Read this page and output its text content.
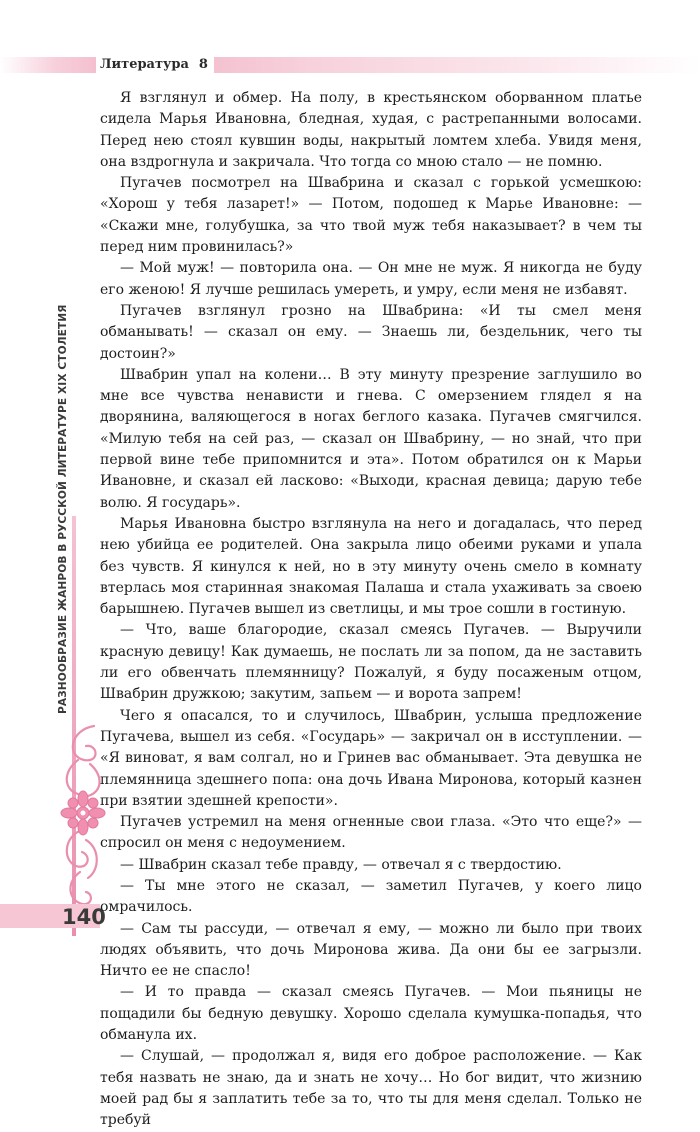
Литература 8
РАЗНООБРАЗИЕ ЖАНРОВ В РУССКОЙ ЛИТЕРАТУРЕ XIX СТОЛЕТИЯ
140

Я взглянул и обмер. На полу, в крестьянском оборванном платье сидела Марья Ивановна, бледная, худая, с растрепанными волосами. Перед нею стоял кувшин воды, накрытый ломтем хлеба. Увидя меня, она вздрогнула и закричала. Что тогда со мною стало — не помню.

Пугачев посмотрел на Швабрина и сказал с горькой усмешкою: «Хорош у тебя лазарет!» — Потом, подошед к Марье Ивановне: — «Скажи мне, голубушка, за что твой муж тебя наказывает? в чем ты перед ним провинилась?»

— Мой муж! — повторила она. — Он мне не муж. Я никогда не буду его женою! Я лучше решилась умереть, и умру, если меня не избавят.

Пугачев взглянул грозно на Швабрина: «И ты смел меня обманывать! — сказал он ему. — Знаешь ли, бездельник, чего ты достоин?»

Швабрин упал на колени… В эту минуту презрение заглушило во мне все чувства ненависти и гнева. С омерзением глядел я на дворянина, валяющегося в ногах беглого казака. Пугачев смягчился. «Милую тебя на сей раз, — сказал он Швабрину, — но знай, что при первой вине тебе припомнится и эта». Потом обратился он к Марьи Ивановне, и сказал ей ласково: «Выходи, красная девица; дарую тебе волю. Я государь».

Марья Ивановна быстро взглянула на него и догадалась, что перед нею убийца ее родителей. Она закрыла лицо обеими руками и упала без чувств. Я кинулся к ней, но в эту минуту очень смело в комнату втерлась моя старинная знакомая Палаша и стала ухаживать за своею барышнею. Пугачев вышел из светлицы, и мы трое сошли в гостиную.

— Что, ваше благородие, сказал смеясь Пугачев. — Выручили красную девицу! Как думаешь, не послать ли за попом, да не заставить ли его обвенчать племянницу? Пожалуй, я буду посаженым отцом, Швабрин дружкою; закутим, запьем — и ворота запрем!

Чего я опасался, то и случилось, Швабрин, услыша предложение Пугачева, вышел из себя. «Государь» — закричал он в исступлении. — «Я виноват, я вам солгал, но и Гринев вас обманывает. Эта девушка не племянница здешнего попа: она дочь Ивана Миронова, который казнен при взятии здешней крепости».

Пугачев устремил на меня огненные свои глаза. «Это что еще?» — спросил он меня с недоумением.

— Швабрин сказал тебе правду, — отвечал я с твердостию.

— Ты мне этого не сказал, — заметил Пугачев, у коего лицо омрачилось.

— Сам ты рассуди, — отвечал я ему, — можно ли было при твоих людях объявить, что дочь Миронова жива. Да они бы ее загрызли. Ничто ее не спасло!

— И то правда — сказал смеясь Пугачев. — Мои пьяницы не пощадили бы бедную девушку. Хорошо сделала кумушка-попадья, что обманула их.

— Слушай, — продолжал я, видя его доброе расположение. — Как тебя назвать не знаю, да и знать не хочу… Но бог видит, что жизнию моей рад бы я заплатить тебе за то, что ты для меня сделал. Только не требуй
